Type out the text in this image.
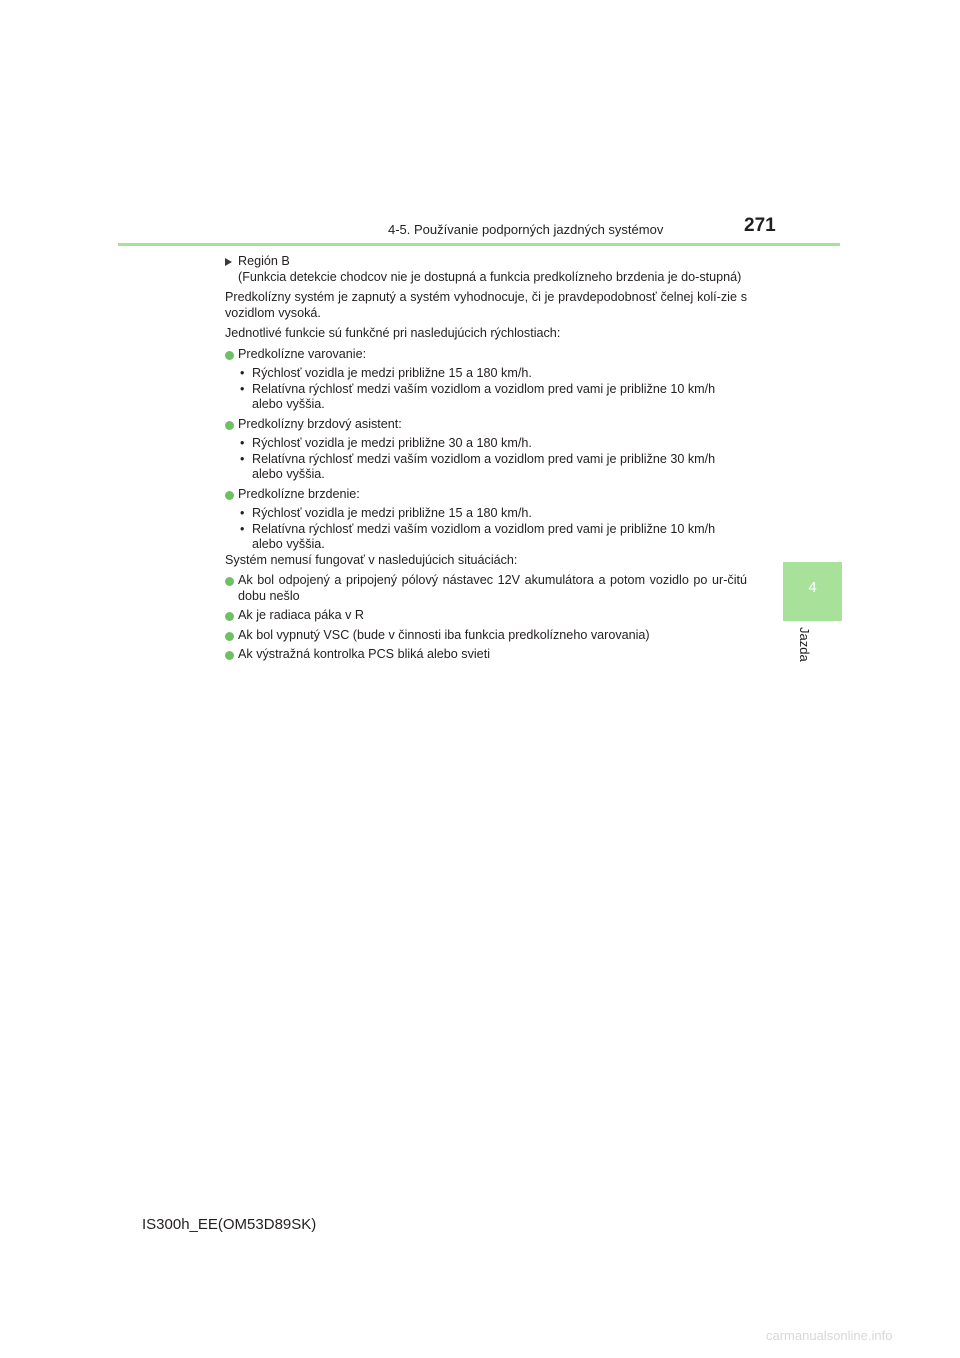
4-5. Používanie podporných jazdných systémov	271
4
Jazda
Región B
(Funkcia detekcie chodcov nie je dostupná a funkcia predkolízneho brzdenia je do-stupná)

Predkolízny systém je zapnutý a systém vyhodnocuje, či je pravdepodobnosť čelnej kolí-zie s vozidlom vysoká.

Jednotlivé funkcie sú funkčné pri nasledujúcich rýchlostiach:

Predkolízne varovanie:
• Rýchlosť vozidla je medzi približne 15 a 180 km/h.
• Relatívna rýchlosť medzi vaším vozidlom a vozidlom pred vami je približne 10 km/h alebo vyššia.
Predkolízny brzdový asistent:
• Rýchlosť vozidla je medzi približne 30 a 180 km/h.
• Relatívna rýchlosť medzi vaším vozidlom a vozidlom pred vami je približne 30 km/h alebo vyššia.
Predkolízne brzdenie:
• Rýchlosť vozidla je medzi približne 15 a 180 km/h.
• Relatívna rýchlosť medzi vaším vozidlom a vozidlom pred vami je približne 10 km/h alebo vyššia.

Systém nemusí fungovať v nasledujúcich situáciách:

Ak bol odpojený a pripojený pólový nástavec 12V akumulátora a potom vozidlo po ur-čitú dobu nešlo
Ak je radiaca páka v R
Ak bol vypnutý VSC (bude v činnosti iba funkcia predkolízneho varovania)
Ak výstražná kontrolka PCS bliká alebo svieti
IS300h_EE(OM53D89SK)
carmanualsonline.info
